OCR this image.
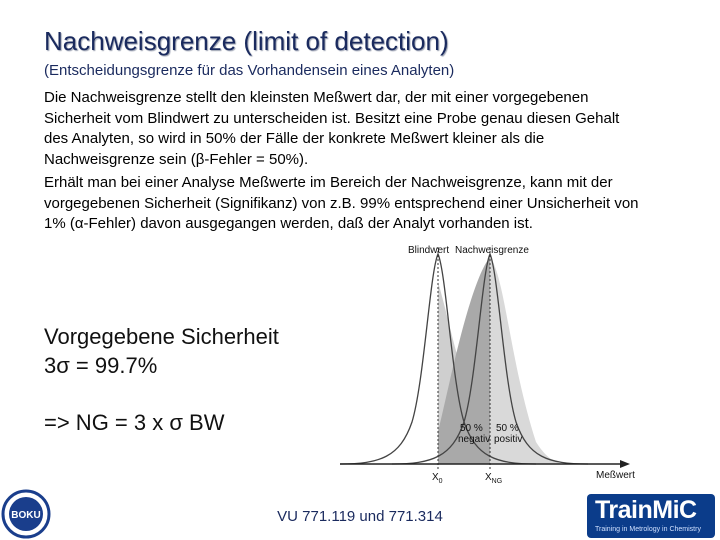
Nachweisgrenze (limit of detection)
(Entscheidungsgrenze für das Vorhandensein eines Analyten)
Die Nachweisgrenze stellt den kleinsten Meßwert dar, der mit einer vorgegebenen Sicherheit vom Blindwert zu unterscheiden ist. Besitzt eine Probe genau diesen Gehalt des Analyten, so wird in 50% der Fälle der konkrete Meßwert kleiner als die Nachweisgrenze sein (β-Fehler = 50%).
Erhält man bei einer Analyse Meßwerte im Bereich der Nachweisgrenze, kann mit der vorgegebenen Sicherheit (Signifikanz) von z.B. 99% entsprechend einer Unsicherheit von 1% (α-Fehler) davon ausgegangen werden, daß der Analyt vorhanden ist.
Vorgegebene Sicherheit
3σ = 99.7%
=> NG = 3 x σ BW
Blindwert Nachweisgrenze
50 %
negativ
50 %
positiv
Meßwert
$X_0$	$X_{NG}$
BOKU	VU 771.119 und 771.314	TrainMiC
Training in Metrology in Chemistry
